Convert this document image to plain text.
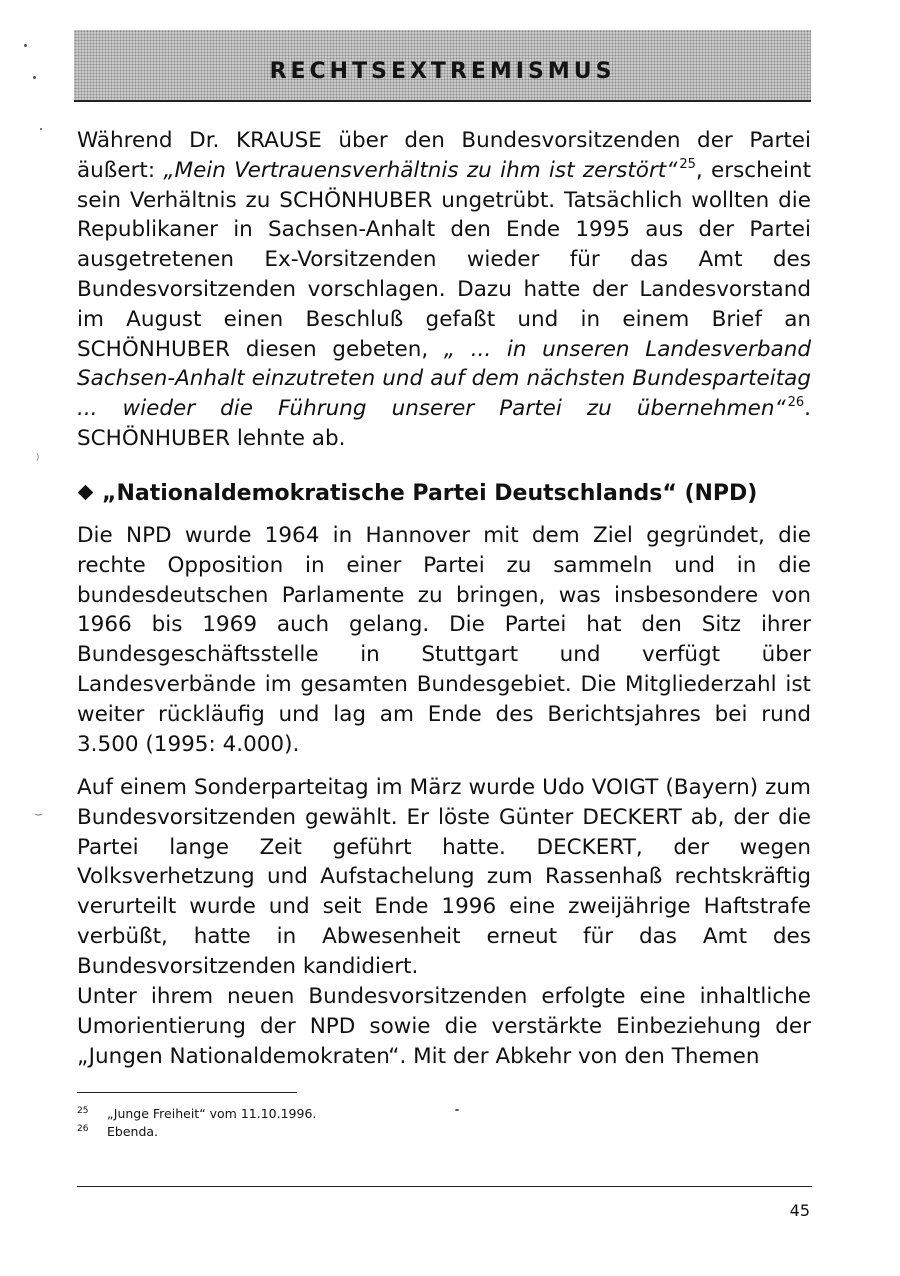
RECHTSEXTREMISMUS

Während Dr. KRAUSE über den Bundesvorsitzenden der Partei äußert: „Mein Vertrauensverhältnis zu ihm ist zerstört“ $^{25}$, erscheint sein Verhältnis zu SCHÖNHUBER ungetrübt. Tatsächlich wollten die Republikaner in Sachsen-Anhalt den Ende 1995 aus der Partei ausgetretenen Ex-Vorsitzenden wieder für das Amt des Bundesvorsitzenden vorschlagen. Dazu hatte der Landesvorstand im August einen Beschluß gefaßt und in einem Brief an SCHÖNHUBER diesen gebeten, „ ... in unseren Landesverband Sachsen-Anhalt einzutreten und auf dem nächsten Bundesparteitag ... wieder die Führung unserer Partei zu übernehmen“ $^{26}$. SCHÖNHUBER lehnte ab.

„Nationaldemokratische Partei Deutschlands“ (NPD)

Die NPD wurde 1964 in Hannover mit dem Ziel gegründet, die rechte Opposition in einer Partei zu sammeln und in die bundesdeutschen Parlamente zu bringen, was insbesondere von 1966 bis 1969 auch gelang. Die Partei hat den Sitz ihrer Bundesgeschäftsstelle in Stuttgart und verfügt über Landesverbände im gesamten Bundesgebiet. Die Mitgliederzahl ist weiter rückläufig und lag am Ende des Berichtsjahres bei rund 3.500 (1995: 4.000).

Auf einem Sonderparteitag im März wurde Udo VOIGT (Bayern) zum Bundesvorsitzenden gewählt. Er löste Günter DECKERT ab, der die Partei lange Zeit geführt hatte. DECKERT, der wegen Volksverhetzung und Aufstachelung zum Rassenhaß rechtskräftig verurteilt wurde und seit Ende 1996 eine zweijährige Haftstrafe verbüßt, hatte in Abwesenheit erneut für das Amt des Bundesvorsitzenden kandidiert.

Unter ihrem neuen Bundesvorsitzenden erfolgte eine inhaltliche Umorientierung der NPD sowie die verstärkte Einbeziehung der „Jungen Nationaldemokraten“. Mit der Abkehr von den Themen

25 „Junge Freiheit“ vom 11.10.1996.
26 Ebenda.
45
⁾
⌣
